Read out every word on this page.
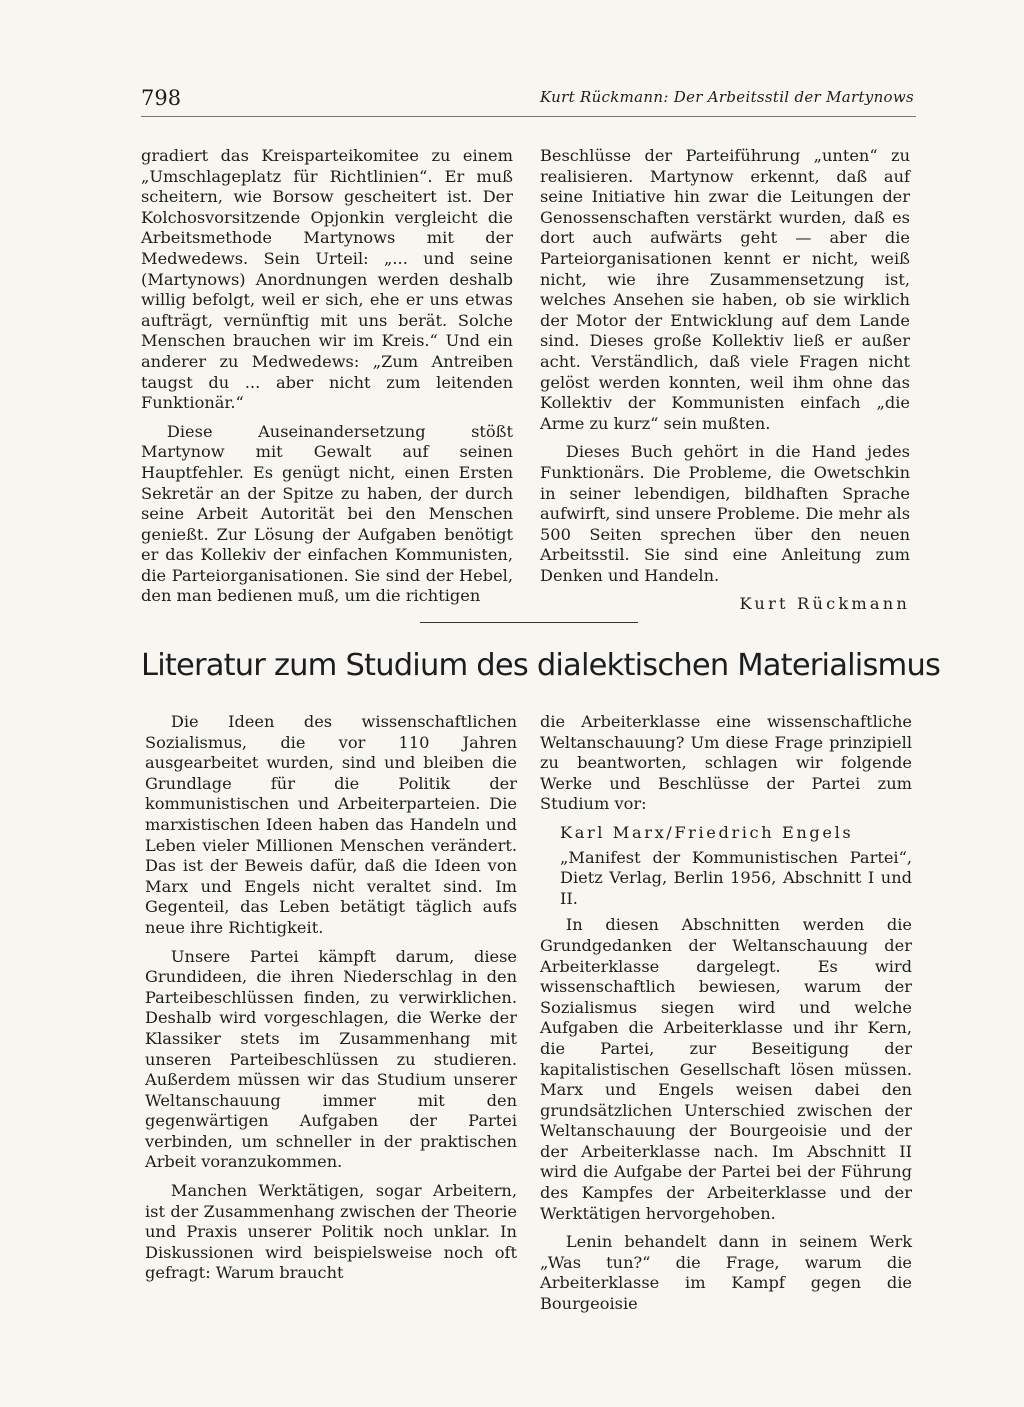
798	Kurt Rückmann: Der Arbeitsstil der Martynows

gradiert das Kreisparteikomitee zu einem „Umschlageplatz für Richtlinien“. Er muß scheitern, wie Borsow gescheitert ist. Der Kolchosvorsitzende Opjonkin vergleicht die Arbeitsmethode Martynows mit der Medwedews. Sein Urteil: „... und seine (Martynows) Anordnungen werden deshalb willig befolgt, weil er sich, ehe er uns etwas aufträgt, vernünftig mit uns berät. Solche Menschen brauchen wir im Kreis.“ Und ein anderer zu Medwedews: „Zum Antreiben taugst du ... aber nicht zum leitenden Funktionär.“

Diese Auseinandersetzung stößt Martynow mit Gewalt auf seinen Hauptfehler. Es genügt nicht, einen Ersten Sekretär an der Spitze zu haben, der durch seine Arbeit Autorität bei den Menschen genießt. Zur Lösung der Aufgaben benötigt er das Kollekiv der einfachen Kommunisten, die Parteiorganisationen. Sie sind der Hebel, den man bedienen muß, um die richtigen

Beschlüsse der Parteiführung „unten“ zu realisieren. Martynow erkennt, daß auf seine Initiative hin zwar die Leitungen der Genossenschaften verstärkt wurden, daß es dort auch aufwärts geht — aber die Parteiorganisationen kennt er nicht, weiß nicht, wie ihre Zusammensetzung ist, welches Ansehen sie haben, ob sie wirklich der Motor der Entwicklung auf dem Lande sind. Dieses große Kollektiv ließ er außer acht. Verständlich, daß viele Fragen nicht gelöst werden konnten, weil ihm ohne das Kollektiv der Kommunisten einfach „die Arme zu kurz“ sein mußten.

Dieses Buch gehört in die Hand jedes Funktionärs. Die Probleme, die Owetschkin in seiner lebendigen, bildhaften Sprache aufwirft, sind unsere Probleme. Die mehr als 500 Seiten sprechen über den neuen Arbeitsstil. Sie sind eine Anleitung zum Denken und Handeln.

Kurt Rückmann
Literatur zum Studium des dialektischen Materialismus

Die Ideen des wissenschaftlichen Sozialismus, die vor 110 Jahren ausgearbeitet wurden, sind und bleiben die Grundlage für die Politik der kommunistischen und Arbeiterparteien. Die marxistischen Ideen haben das Handeln und Leben vieler Millionen Menschen verändert. Das ist der Beweis dafür, daß die Ideen von Marx und Engels nicht veraltet sind. Im Gegenteil, das Leben betätigt täglich aufs neue ihre Richtigkeit.

Unsere Partei kämpft darum, diese Grundideen, die ihren Niederschlag in den Parteibeschlüssen finden, zu verwirklichen. Deshalb wird vorgeschlagen, die Werke der Klassiker stets im Zusammenhang mit unseren Parteibeschlüssen zu studieren. Außerdem müssen wir das Studium unserer Weltanschauung immer mit den gegenwärtigen Aufgaben der Partei verbinden, um schneller in der praktischen Arbeit voranzukommen.

Manchen Werktätigen, sogar Arbeitern, ist der Zusammenhang zwischen der Theorie und Praxis unserer Politik noch unklar. In Diskussionen wird beispielsweise noch oft gefragt: Warum braucht

die Arbeiterklasse eine wissenschaftliche Weltanschauung? Um diese Frage prinzipiell zu beantworten, schlagen wir folgende Werke und Beschlüsse der Partei zum Studium vor:

Karl Marx/Friedrich Engels

„Manifest der Kommunistischen Partei“, Dietz Verlag, Berlin 1956, Abschnitt I und II.

In diesen Abschnitten werden die Grundgedanken der Weltanschauung der Arbeiterklasse dargelegt. Es wird wissenschaftlich bewiesen, warum der Sozialismus siegen wird und welche Aufgaben die Arbeiterklasse und ihr Kern, die Partei, zur Beseitigung der kapitalistischen Gesellschaft lösen müssen. Marx und Engels weisen dabei den grundsätzlichen Unterschied zwischen der Weltanschauung der Bourgeoisie und der der Arbeiterklasse nach. Im Abschnitt II wird die Aufgabe der Partei bei der Führung des Kampfes der Arbeiterklasse und der Werktätigen hervorgehoben.

Lenin behandelt dann in seinem Werk „Was tun?“ die Frage, warum die Arbeiterklasse im Kampf gegen die Bourgeoisie
